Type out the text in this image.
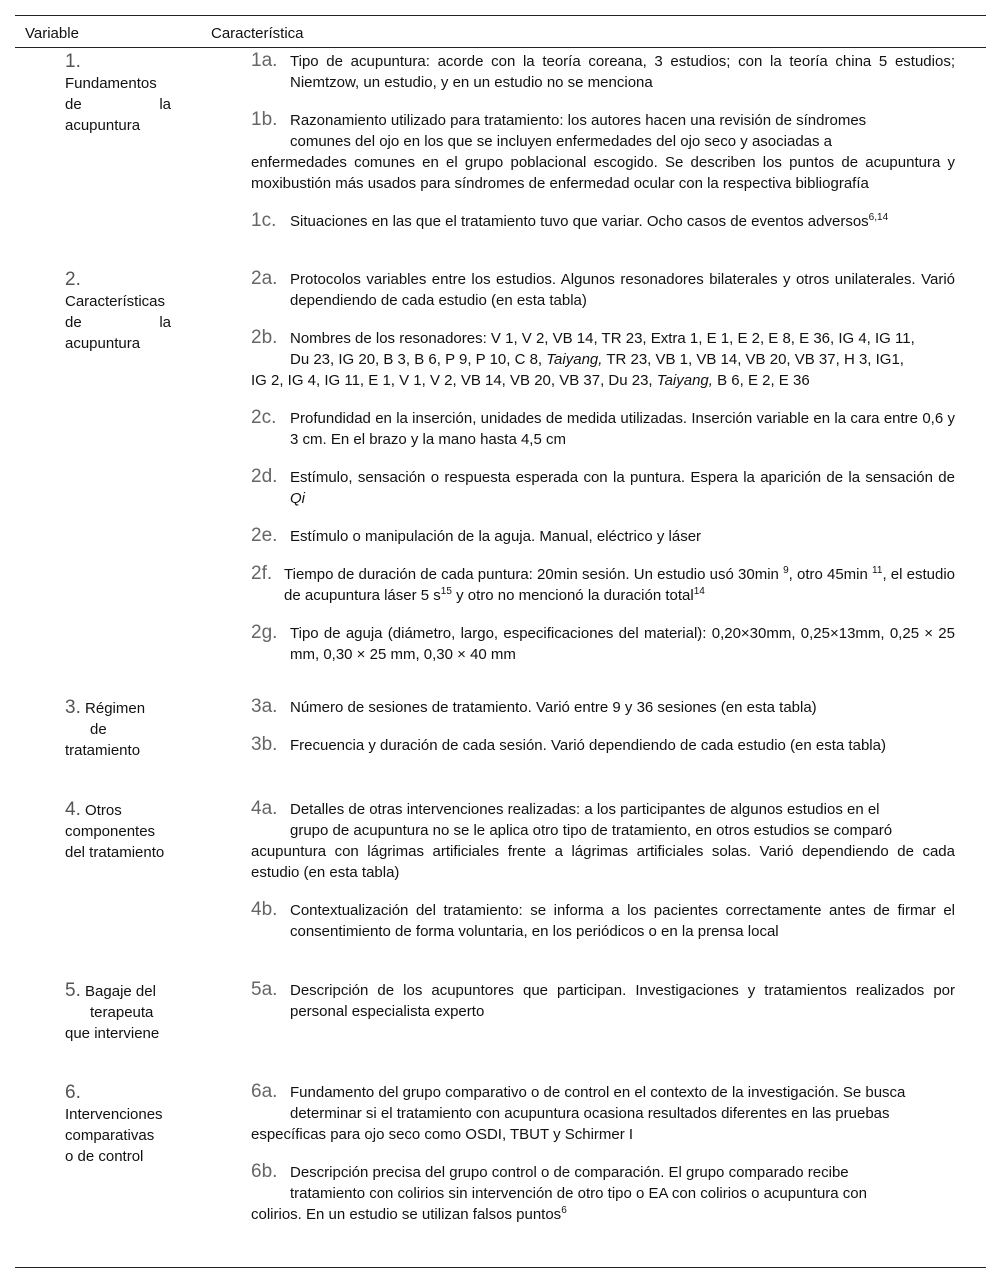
Variable	Característica
1.
Fundamentos
de la
acupuntura
1a. Tipo de acupuntura: acorde con la teoría coreana, 3 estudios; con la teoría china 5 estudios; Niemtzow, un estudio, y en un estudio no se menciona
1b. Razonamiento utilizado para tratamiento: los autores hacen una revisión de síndromes
comunes del ojo en los que se incluyen enfermedades del ojo seco y asociadas a
enfermedades comunes en el grupo poblacional escogido. Se describen los puntos de acupuntura y moxibustión más usados para síndromes de enfermedad ocular con la respectiva bibliografía
1c. Situaciones en las que el tratamiento tuvo que variar. Ocho casos de eventos adversos$^{6,14}$
2.
Características
de la
acupuntura
2a. Protocolos variables entre los estudios. Algunos resonadores bilaterales y otros unilaterales. Varió dependiendo de cada estudio (en esta tabla)
2b. Nombres de los resonadores: V 1, V 2, VB 14, TR 23, Extra 1, E 1, E 2, E 8, E 36, IG 4, IG 11,
Du 23, IG 20, B 3, B 6, P 9, P 10, C 8, Taiyang, TR 23, VB 1, VB 14, VB 20, VB 37, H 3, IG1,
IG 2, IG 4, IG 11, E 1, V 1, V 2, VB 14, VB 20, VB 37, Du 23, Taiyang, B 6, E 2, E 36
2c. Profundidad en la inserción, unidades de medida utilizadas. Inserción variable en la cara entre 0,6 y 3 cm. En el brazo y la mano hasta 4,5 cm
2d. Estímulo, sensación o respuesta esperada con la puntura. Espera la aparición de la sensación de Qi
2e. Estímulo o manipulación de la aguja. Manual, eléctrico y láser
2f. Tiempo de duración de cada puntura: 20min sesión. Un estudio usó 30min $^9$, otro 45min $^{11}$, el estudio de acupuntura láser 5 $s^{15}$ y otro no mencionó la duración total$^{14}$
2g. Tipo de aguja (diámetro, largo, especificaciones del material): 0,20×30mm, 0,25×13mm, 0,25 × 25 mm, 0,30 × 25 mm, 0,30 × 40 mm
3. Régimen
de
tratamiento
3a. Número de sesiones de tratamiento. Varió entre 9 y 36 sesiones (en esta tabla)
3b. Frecuencia y duración de cada sesión. Varió dependiendo de cada estudio (en esta tabla)
4. Otros
componentes
del tratamiento
4a. Detalles de otras intervenciones realizadas: a los participantes de algunos estudios en el
grupo de acupuntura no se le aplica otro tipo de tratamiento, en otros estudios se comparó
acupuntura con lágrimas artificiales frente a lágrimas artificiales solas. Varió dependiendo de cada estudio (en esta tabla)
4b. Contextualización del tratamiento: se informa a los pacientes correctamente antes de firmar el consentimiento de forma voluntaria, en los periódicos o en la prensa local
5. Bagaje del
terapeuta
que interviene
5a. Descripción de los acupuntores que participan. Investigaciones y tratamientos realizados por personal especialista experto
6.
Intervenciones
comparativas
o de control
6a. Fundamento del grupo comparativo o de control en el contexto de la investigación. Se busca
determinar si el tratamiento con acupuntura ocasiona resultados diferentes en las pruebas
específicas para ojo seco como OSDI, TBUT y Schirmer I
6b. Descripción precisa del grupo control o de comparación. El grupo comparado recibe
tratamiento con colirios sin intervención de otro tipo o EA con colirios o acupuntura con
colirios. En un estudio se utilizan falsos puntos$^6$
